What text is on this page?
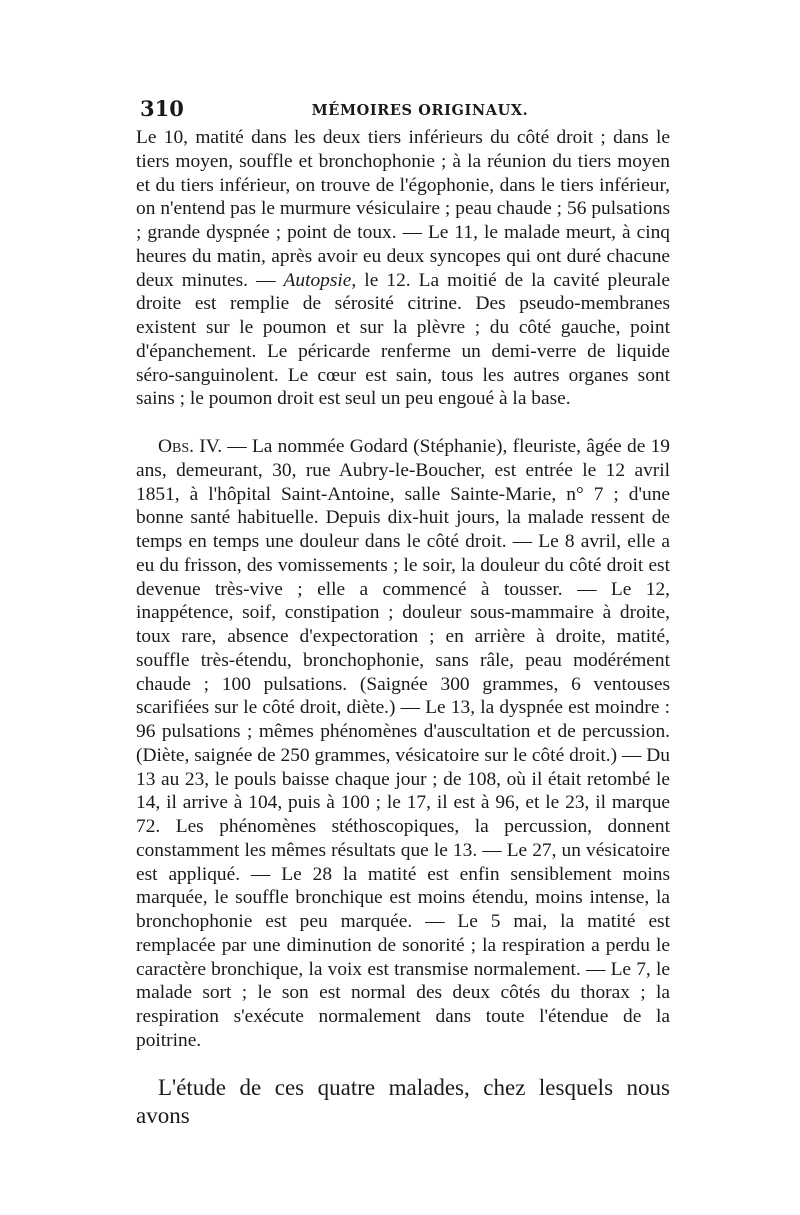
310	MÉMOIRES ORIGINAUX.

Le 10, matité dans les deux tiers inférieurs du côté droit ; dans le tiers moyen, souffle et bronchophonie ; à la réunion du tiers moyen et du tiers inférieur, on trouve de l'égophonie, dans le tiers inférieur, on n'entend pas le murmure vésiculaire ; peau chaude ; 56 pulsations ; grande dyspnée ; point de toux. — Le 11, le malade meurt, à cinq heures du matin, après avoir eu deux syncopes qui ont duré chacune deux minutes. — Autopsie, le 12. La moitié de la cavité pleurale droite est remplie de sérosité citrine. Des pseudo-membranes existent sur le poumon et sur la plèvre ; du côté gauche, point d'épanchement. Le péricarde renferme un demi-verre de liquide séro-sanguinolent. Le cœur est sain, tous les autres organes sont sains ; le poumon droit est seul un peu engoué à la base.

Obs. IV. — La nommée Godard (Stéphanie), fleuriste, âgée de 19 ans, demeurant, 30, rue Aubry-le-Boucher, est entrée le 12 avril 1851, à l'hôpital Saint-Antoine, salle Sainte-Marie, n° 7 ; d'une bonne santé habituelle. Depuis dix-huit jours, la malade ressent de temps en temps une douleur dans le côté droit. — Le 8 avril, elle a eu du frisson, des vomissements ; le soir, la douleur du côté droit est devenue très-vive ; elle a commencé à tousser. — Le 12, inappétence, soif, constipation ; douleur sous-mammaire à droite, toux rare, absence d'expectoration ; en arrière à droite, matité, souffle très-étendu, bronchophonie, sans râle, peau modérément chaude ; 100 pulsations. (Saignée 300 grammes, 6 ventouses scarifiées sur le côté droit, diète.) — Le 13, la dyspnée est moindre : 96 pulsations ; mêmes phénomènes d'auscultation et de percussion. (Diète, saignée de 250 grammes, vésicatoire sur le côté droit.) — Du 13 au 23, le pouls baisse chaque jour ; de 108, où il était retombé le 14, il arrive à 104, puis à 100 ; le 17, il est à 96, et le 23, il marque 72. Les phénomènes stéthoscopiques, la percussion, donnent constamment les mêmes résultats que le 13. — Le 27, un vésicatoire est appliqué. — Le 28 la matité est enfin sensiblement moins marquée, le souffle bronchique est moins étendu, moins intense, la bronchophonie est peu marquée. — Le 5 mai, la matité est remplacée par une diminution de sonorité ; la respiration a perdu le caractère bronchique, la voix est transmise normalement. — Le 7, le malade sort ; le son est normal des deux côtés du thorax ; la respiration s'exécute normalement dans toute l'étendue de la poitrine.

L'étude de ces quatre malades, chez lesquels nous avons
